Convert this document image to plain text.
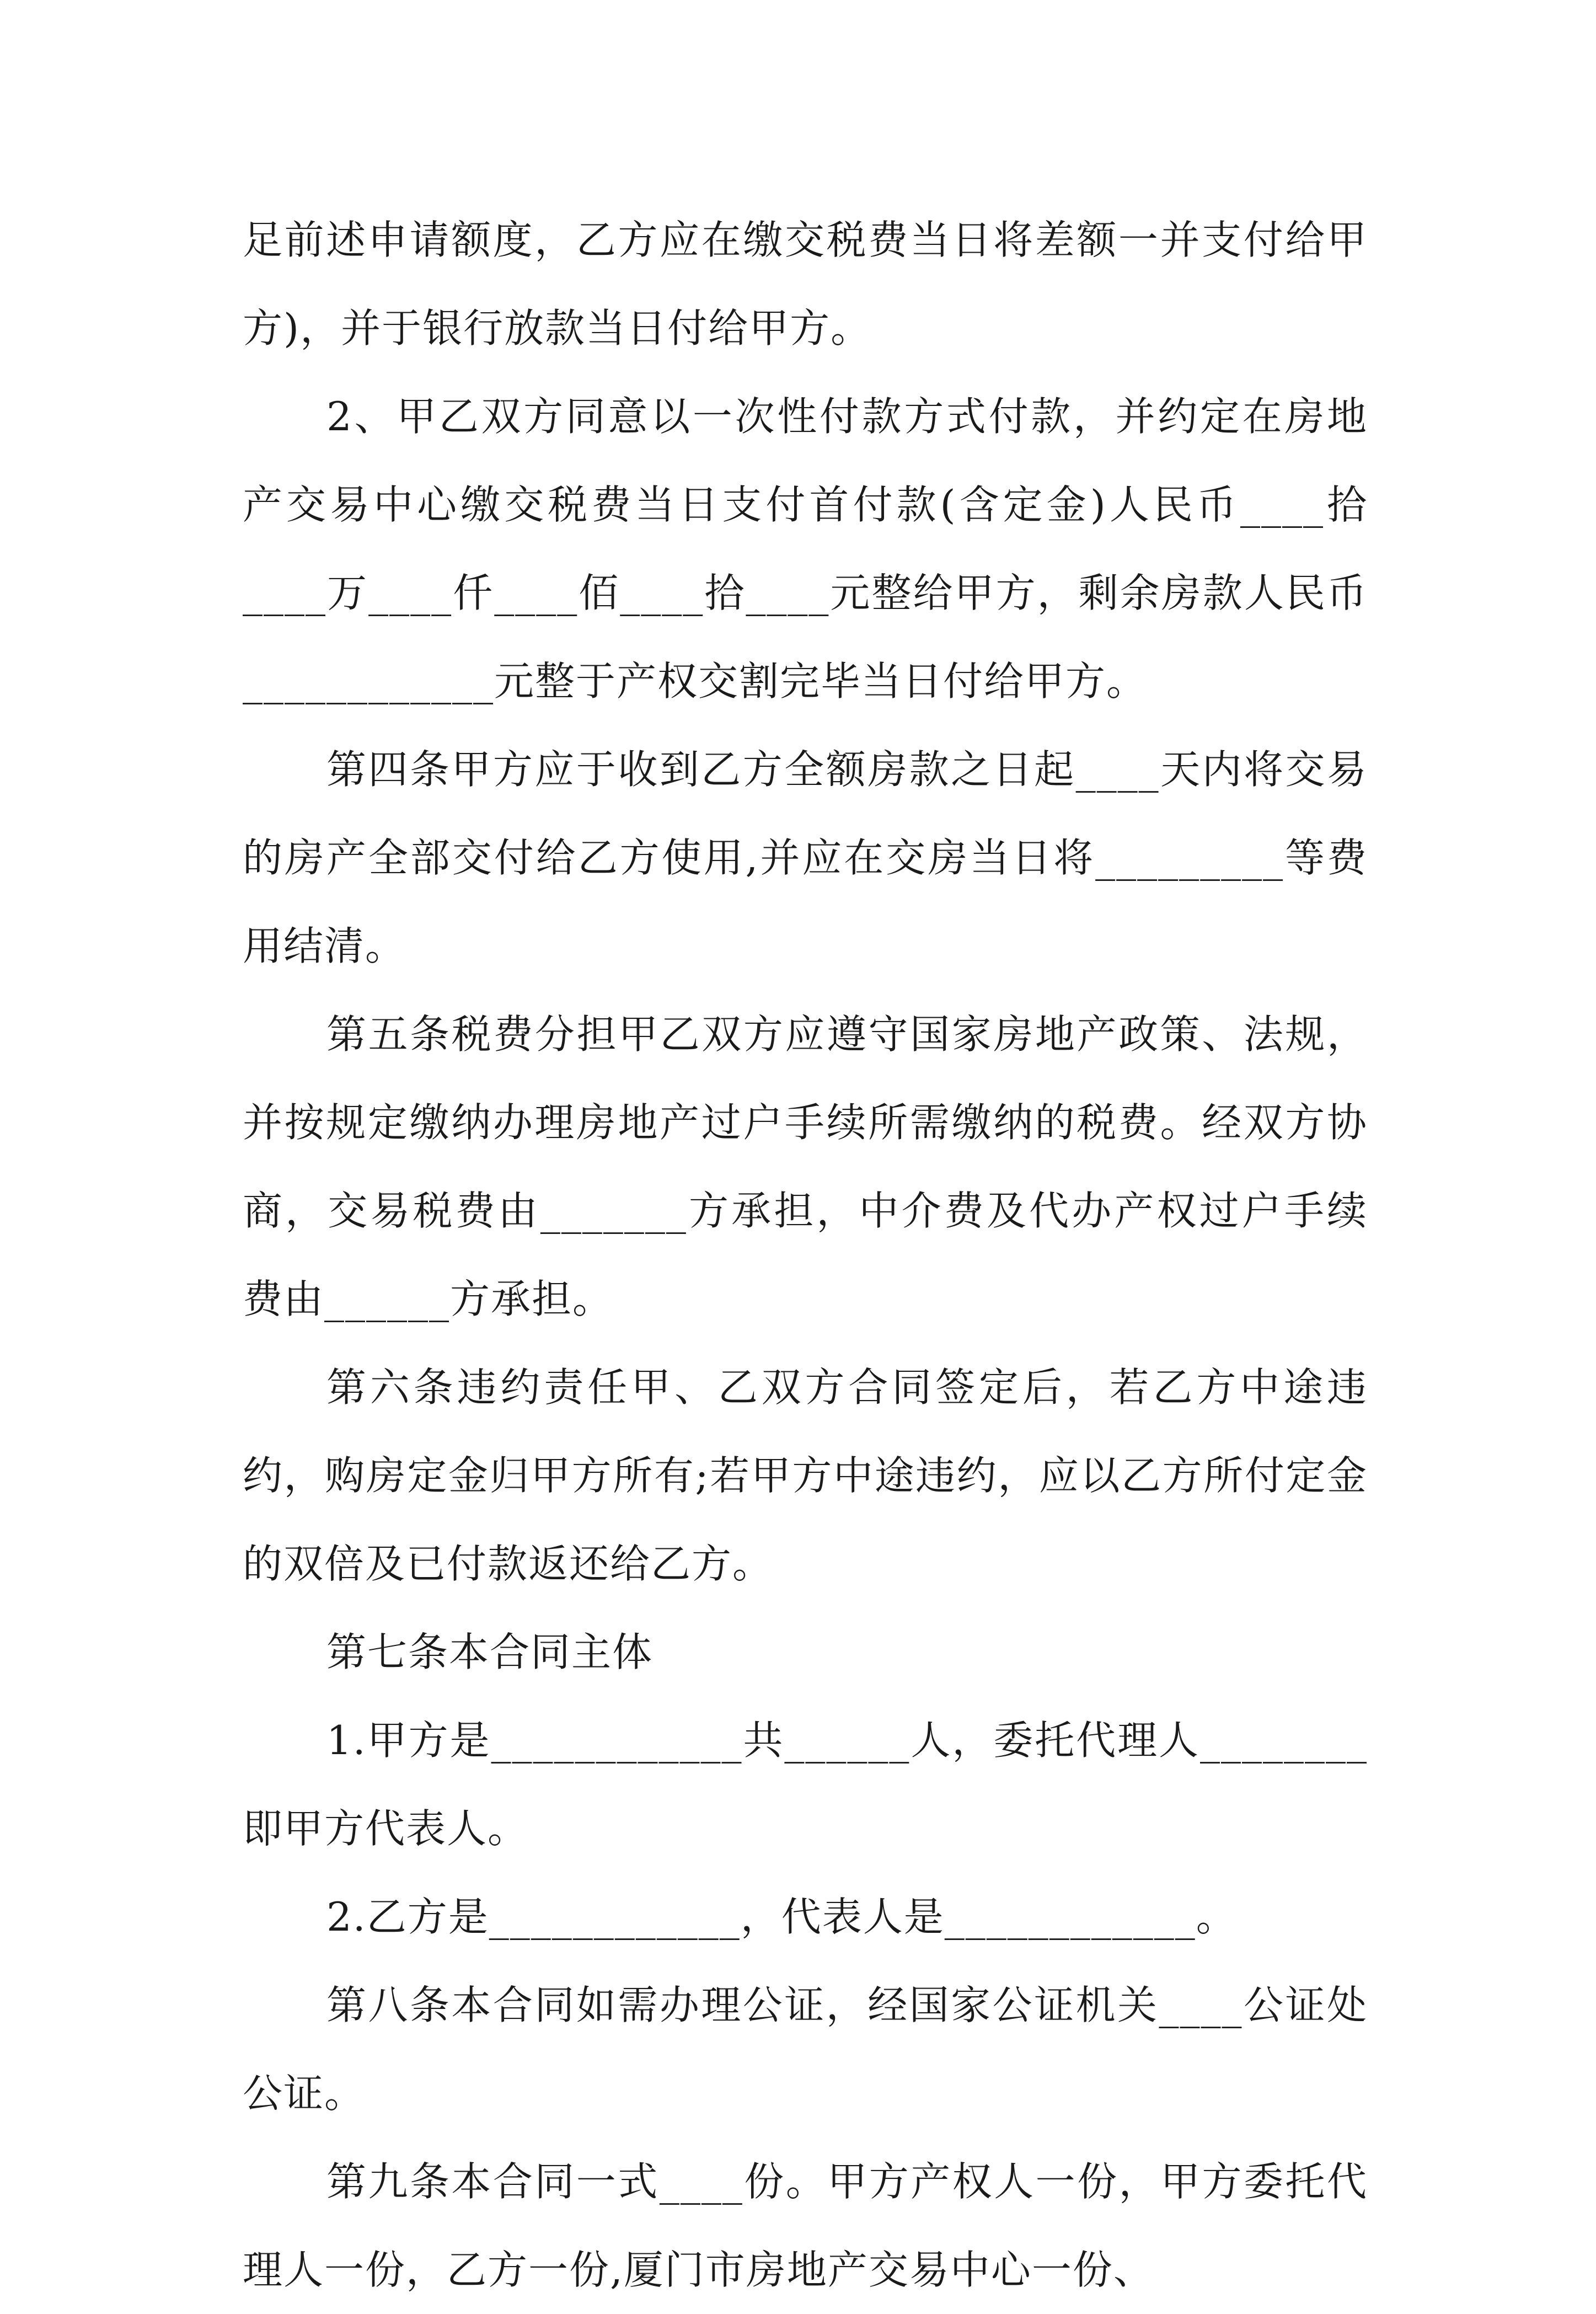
足前述申请额度，乙方应在缴交税费当日将差额一并支付给甲方)，并于银行放款当日付给甲方。

2、甲乙双方同意以一次性付款方式付款，并约定在房地产交易中心缴交税费当日支付首付款(含定金)人民币____拾____万____仟____佰____拾____元整给甲方，剩余房款人民币____________元整于产权交割完毕当日付给甲方。

第四条甲方应于收到乙方全额房款之日起____天内将交易的房产全部交付给乙方使用,并应在交房当日将_________等费用结清。

第五条税费分担甲乙双方应遵守国家房地产政策、法规，并按规定缴纳办理房地产过户手续所需缴纳的税费。经双方协商，交易税费由_______方承担，中介费及代办产权过户手续费由______方承担。

第六条违约责任甲、乙双方合同签定后，若乙方中途违约，购房定金归甲方所有;若甲方中途违约，应以乙方所付定金的双倍及已付款返还给乙方。

第七条本合同主体

1.甲方是____________共______人，委托代理人________即甲方代表人。

2.乙方是____________，代表人是____________。

第八条本合同如需办理公证，经国家公证机关____公证处公证。

第九条本合同一式____份。甲方产权人一份，甲方委托代理人一份，乙方一份,厦门市房地产交易中心一份、
